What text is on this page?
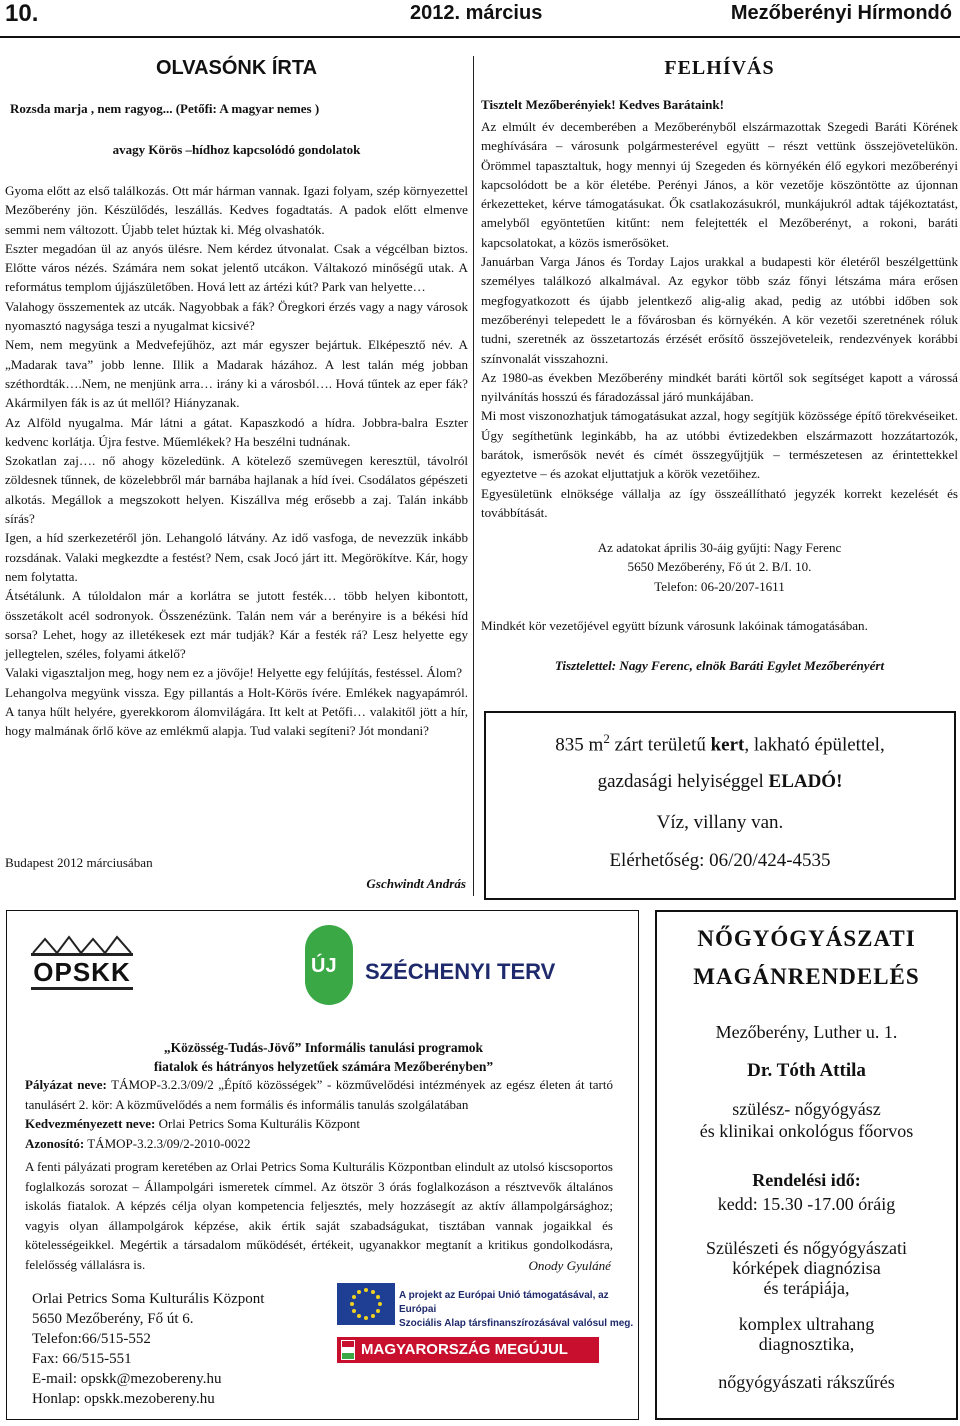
10.	2012. március	Mezőberényi Hírmondó
OLVASÓNK ÍRTA
Rozsda marja , nem ragyog... (Petőfi: A magyar nemes )
avagy Körös –hídhoz kapcsolódó gondolatok

Gyoma előtt az első találkozás. Ott már hárman vannak. Igazi folyam, szép környezettel Mezőberény jön. Készülődés, leszállás. Kedves fogadtatás. A padok előtt elmenve semmi nem változott. Újabb telet húztak ki. Még olvashatók.

Eszter megadóan ül az anyós ülésre. Nem kérdez útvonalat. Csak a végcélban biztos. Előtte város nézés. Számára nem sokat jelentő utcákon. Váltakozó minőségű utak. A református templom újjászületőben. Hová lett az ártézi kút? Park van helyette…

Valahogy összementek az utcák. Nagyobbak a fák? Öregkori érzés vagy a nagy városok nyomasztó nagysága teszi a nyugalmat kicsivé?

Nem, nem megyünk a Medvefejűhöz, azt már egyszer bejártuk. Elképesztő név. A „Madarak tava” jobb lenne. Illik a Madarak házához. A lest talán még jobban széthordták….Nem, ne menjünk arra… irány ki a városból…. Hová tűntek az eper fák? Akármilyen fák is az út mellől? Hiányzanak.

Az Alföld nyugalma. Már látni a gátat. Kapaszkodó a hídra. Jobbra-balra Eszter kedvenc korlátja. Újra festve. Műemlékek? Ha beszélni tudnának.

Szokatlan zaj…. nő ahogy közeledünk. A kötelező szemüvegen keresztül, távolról zöldesnek tűnnek, de közelebbről már barnába hajlanak a híd ívei. Csodálatos gépészeti alkotás. Megállok a megszokott helyen. Kiszállva még erősebb a zaj. Talán inkább sírás?

Igen, a híd szerkezetéről jön. Lehangoló látvány. Az idő vasfoga, de nevezzük inkább rozsdának. Valaki megkezdte a festést? Nem, csak Jocó járt itt. Megörökítve. Kár, hogy nem folytatta.

Átsétálunk. A túloldalon már a korlátra se jutott festék… több helyen kibontott, összetákolt acél sodronyok. Összenézünk. Talán nem vár a berényire is a békési híd sorsa? Lehet, hogy az illetékesek ezt már tudják? Kár a festék rá? Lesz helyette egy jellegtelen, széles, folyami átkelő?

Valaki vigasztaljon meg, hogy nem ez a jövője! Helyette egy felújítás, festéssel. Álom?

Lehangolva megyünk vissza. Egy pillantás a Holt-Körös ívére. Emlékek nagyapámról. A tanya hűlt helyére, gyerekkorom álomvilágára. Itt kelt at Petőfi… valakitől jött a hír, hogy malmának őrlő köve az emlékmű alapja. Tud valaki segíteni? Jót mondani?

Budapest 2012 márciusában
Gschwindt András
FELHÍVÁS
Tisztelt Mezőberényiek! Kedves Barátaink!

Az elmúlt év decemberében a Mezőberényből elszármazottak Szegedi Baráti Körének meghívására – városunk polgármesterével együtt – részt vettünk összejövetelükön. Örömmel tapasztaltuk, hogy mennyi új Szegeden és környékén élő egykori mezőberényi kapcsolódott be a kör életébe. Perényi János, a kör vezetője köszöntötte az újonnan érkezetteket, kérve támogatásukat. Ők csatlakozásukról, munkájukról adtak tájékoztatást, amelyből egyöntetűen kitűnt: nem felejtették el Mezőberényt, a rokoni, baráti kapcsolatokat, a közös ismerősöket.

Januárban Varga János és Torday Lajos urakkal a budapesti kör életéről beszélgettünk személyes találkozó alkalmával. Az egykor több száz főnyi létszáma mára erősen megfogyatkozott és újabb jelentkező alig-alig akad, pedig az utóbbi időben sok mezőberényi telepedett le a fővárosban és környékén. A kör vezetői szeretnének róluk tudni, szeretnék az összetartozás érzését erősítő összejöveteleik, rendezvények korábbi színvonalát visszahozni.

Az 1980-as években Mezőberény mindkét baráti körtől sok segítséget kapott a várossá nyilvánítás hosszú és fáradozással járó munkájában.

Mi most viszonozhatjuk támogatásukat azzal, hogy segítjük közössége építő törekvéseiket. Úgy segíthetünk leginkább, ha az utóbbi évtizedekben elszármazott hozzátartozók, barátok, ismerősök nevét és címét összegyűjtjük – természetesen az érintettekkel egyeztetve – és azokat eljuttatjuk a körök vezetőihez.

Egyesületünk elnöksége vállalja az így összeállítható jegyzék korrekt kezelését és továbbítását.

Az adatokat április 30-áig gyűjti: Nagy Ferenc
5650 Mezőberény, Fő út 2. B/I. 10.
Telefon: 06-20/207-1611
Mindkét kör vezetőjével együtt bízunk városunk lakóinak támogatásában.
Tisztelettel: Nagy Ferenc, elnök Baráti Egylet Mezőberényért
835 $m^2$ zárt területű kert, lakható épülettel,
gazdasági helyiséggel ELADÓ!
Víz, villany van.
Elérhetőség: 06/20/424-4535
OPSKK	ÚJ SZÉCHENYI TERV
„Közösség-Tudás-Jövő” Informális tanulási programok
fiatalok és hátrányos helyzetűek számára Mezőberényben”
Pályázat neve: TÁMOP-3.2.3/09/2 „Építő közösségek” - közművelődési intézmények az egész életen át tartó tanulásért 2. kör: A közművelődés a nem formális és informális tanulás szolgálatában
Kedvezményezett neve: Orlai Petrics Soma Kulturális Központ
Azonosító: TÁMOP-3.2.3/09/2-2010-0022
A fenti pályázati program keretében az Orlai Petrics Soma Kulturális Központban elindult az utolsó kiscsoportos foglalkozás sorozat – Állampolgári ismeretek címmel. Az ötször 3 órás foglalkozáson a résztvevők általános iskolás fiatalok. A képzés célja olyan kompetencia feljesztés, mely hozzásegít az aktív állampolgársághoz; vagyis olyan állampolgárok képzése, akik értik saját szabadságukat, tisztában vannak jogaikkal és kötelességeikkel. Megértik a társadalom működését, értékeit, ugyanakkor megtanít a kritikus gondolkodásra, felelősség vállalásra is.	Onody Gyuláné
Orlai Petrics Soma Kulturális Központ
5650 Mezőberény, Fő út 6.
Telefon:66/515-552
Fax: 66/515-551
E-mail: opskk@mezobereny.hu
Honlap: opskk.mezobereny.hu
A projekt az Európai Unió támogatásával, az Európai
Szociális Alap társfinanszírozásával valósul meg.
MAGYARORSZÁG MEGÚJUL
NŐGYÓGYÁSZATI
MAGÁNRENDELÉS
Mezőberény, Luther u. 1.
Dr. Tóth Attila
szülész- nőgyógyász
és klinikai onkológus főorvos
Rendelési idő:
kedd: 15.30 -17.00 óráig
Szülészeti és nőgyógyászati
kórképek diagnózisa
és terápiája,
komplex ultrahang
diagnosztika,
nőgyógyászati rákszűrés
